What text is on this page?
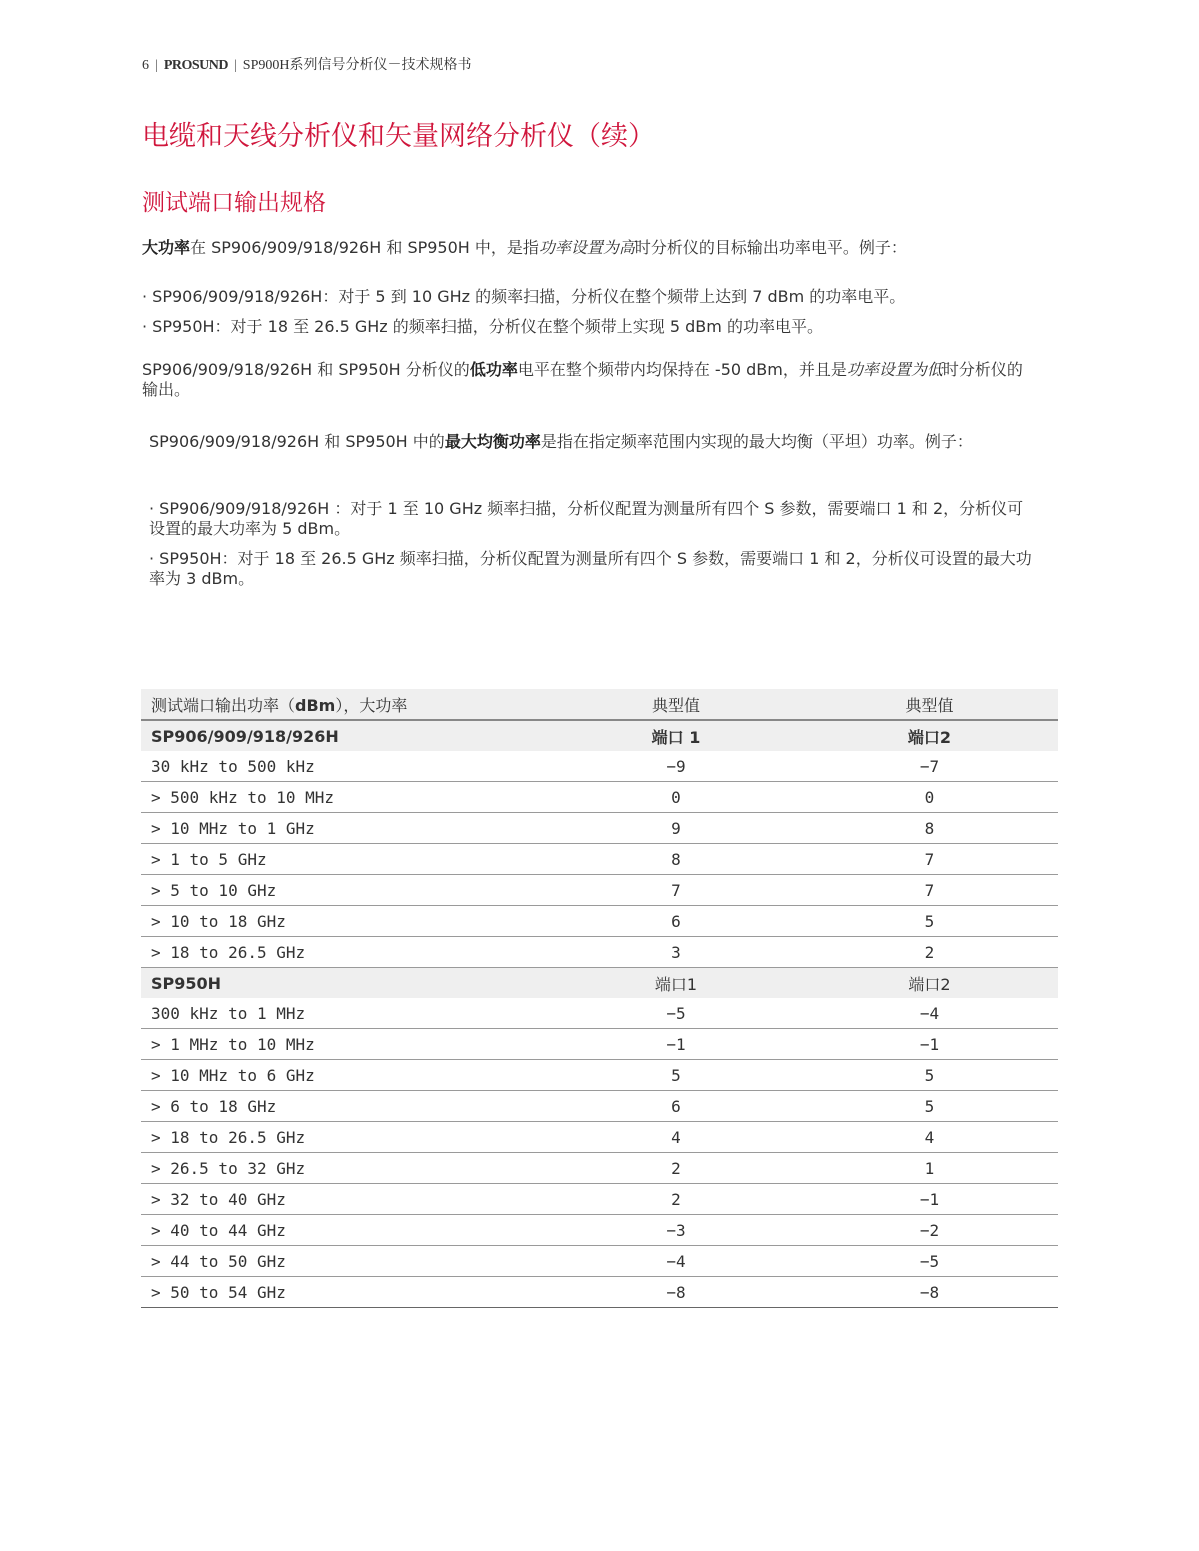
6 | PROSUND | SP900H系列信号分析仪－技术规格书
电缆和天线分析仪和矢量网络分析仪（续）
测试端口输出规格
大功率在 SP906/909/918/926H 和 SP950H 中，是指功率设置为高时分析仪的目标输出功率电平。例子：
· SP906/909/918/926H：对于 5 到 10 GHz 的频率扫描，分析仪在整个频带上达到 7 dBm 的功率电平。
· SP950H：对于 18 至 26.5 GHz 的频率扫描，分析仪在整个频带上实现 5 dBm 的功率电平。
SP906/909/918/926H 和 SP950H 分析仪的低功率电平在整个频带内均保持在 -50 dBm，并且是功率设置为低时分析仪的输出。
SP906/909/918/926H 和 SP950H 中的最大均衡功率是指在指定频率范围内实现的最大均衡（平坦）功率。例子：
· SP906/909/918/926H ：对于 1 至 10 GHz 频率扫描，分析仪配置为测量所有四个 S 参数，需要端口 1 和 2，分析仪可设置的最大功率为 5 dBm。
· SP950H：对于 18 至 26.5 GHz 频率扫描，分析仪配置为测量所有四个 S 参数，需要端口 1 和 2，分析仪可设置的最大功率为 3 dBm。
测试端口输出功率（dBm），大功率	典型值	典型值
SP906/909/918/926H	端口 1	端口2
30 kHz to 500 kHz	−9	−7
> 500 kHz to 10 MHz	0	0
> 10 MHz to 1 GHz	9	8
> 1 to 5 GHz	8	7
> 5 to 10 GHz	7	7
> 10 to 18 GHz	6	5
> 18 to 26.5 GHz	3	2
SP950H	端口1	端口2
300 kHz to 1 MHz	−5	−4
> 1 MHz to 10 MHz	−1	−1
> 10 MHz to 6 GHz	5	5
> 6 to 18 GHz	6	5
> 18 to 26.5 GHz	4	4
> 26.5 to 32 GHz	2	1
> 32 to 40 GHz	2	−1
> 40 to 44 GHz	−3	−2
> 44 to 50 GHz	−4	−5
> 50 to 54 GHz	−8	−8
